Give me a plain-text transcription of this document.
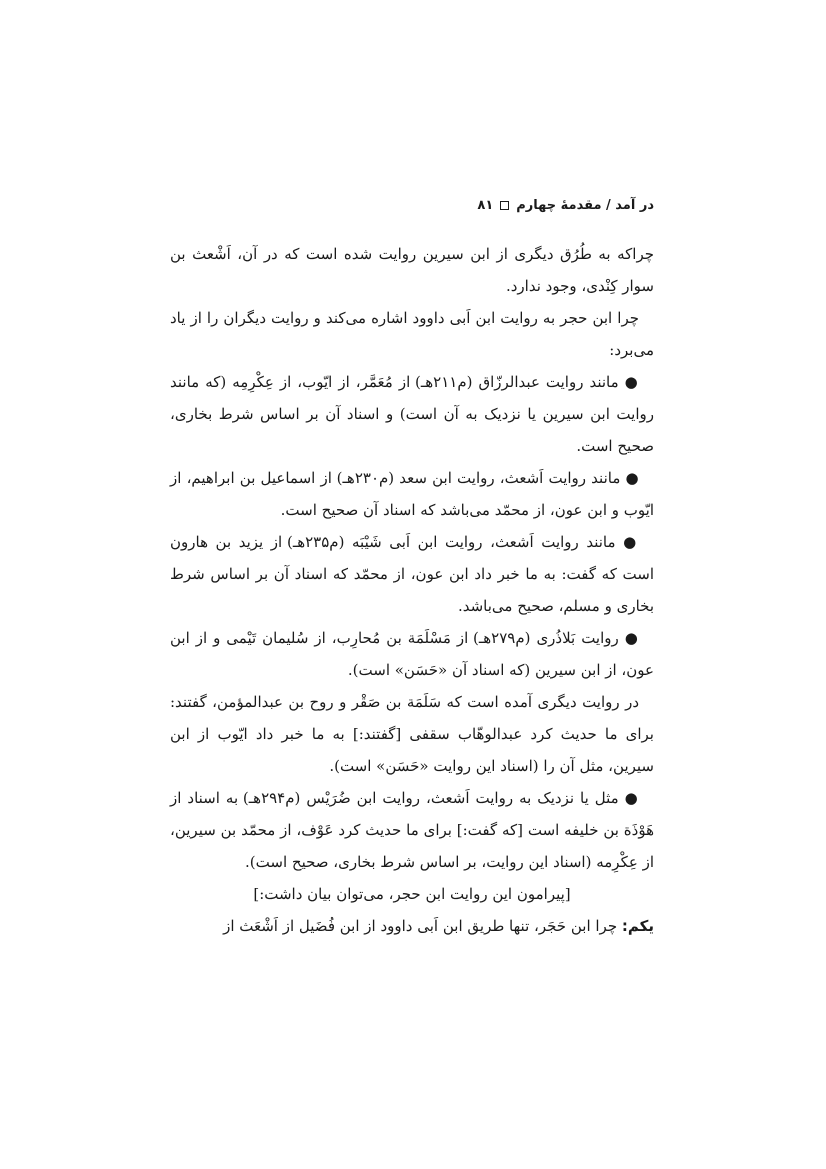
در آمد / مقدمهٔ چهارم۸۱

چراکه به طُرُق دیگری از ابن سیرین روایت شده است که در آن، اَشْعث بن سوار کِنْدی، وجود ندارد.

چرا ابن حجر به روایت ابن اَبی داوود اشاره می‌کند و روایت دیگران را از یاد می‌برد:

● مانند روایت عبدالرزّاق (م۲۱۱هـ) از مُعَمَّر، از ایّوب، از عِکْرِمِه (که مانند روایت ابن سیرین یا نزدیک به آن است) و اسناد آن بر اساس شرط بخاری، صحیح است.

● مانند روایت اَشعث، روایت ابن سعد (م۲۳۰هـ) از اسماعیل بن ابراهیم، از ایّوب و ابن عون، از محمّد می‌باشد که اسناد آن صحیح است.

● مانند روایت اَشعث، روایت ابن اَبی شَیْبَه (م۲۳۵هـ) از یزید بن هارون است که گفت: به ما خبر داد ابن عون، از محمّد که اسناد آن بر اساس شرط بخاری و مسلم، صحیح می‌باشد.

● روایت بَلاذُری (م۲۷۹هـ) از مَسْلَمَة بن مُحارِب، از سُلیمان تَیْمی و از ابن عون، از ابن سیرین (که اسناد آن «حَسَن» است).

در روایت دیگری آمده است که سَلَمَة بن صَقْر و روح بن عبدالمؤمن، گفتند: برای ما حدیث کرد عبدالوهّاب سقفی [گفتند:] به ما خبر داد ایّوب از ابن سیرین، مثل آن را (اسناد این روایت «حَسَن» است).

● مثل یا نزدیک به روایت اَشعث، روایت ابن ضُرَیْس (م۲۹۴هـ) به اسناد از هَوْذَة بن خلیفه است [که گفت:] برای ما حدیث کرد عَوْف، از محمّد بن سیرین، از عِکْرِمه (اسناد این روایت، بر اساس شرط بخاری، صحیح است).

[پیرامون این روایت ابن حجر، می‌توان بیان داشت:]

یکم: چرا ابن حَجَر، تنها طریق ابن اَبی داوود از ابن فُضَیل از اَشْعَث از
